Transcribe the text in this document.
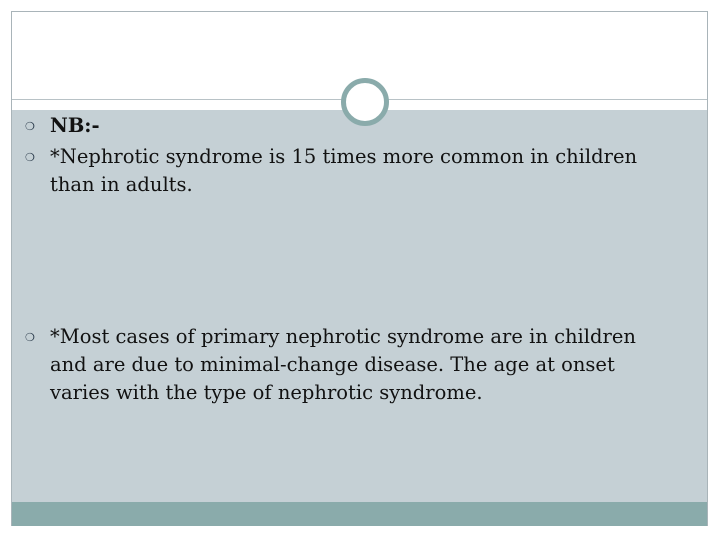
❍ NB:-
❍ *Nephrotic syndrome is 15 times more common in children than in adults.
❍ *Most cases of primary nephrotic syndrome are in children and are due to minimal-change disease. The age at onset varies with the type of nephrotic syndrome.
